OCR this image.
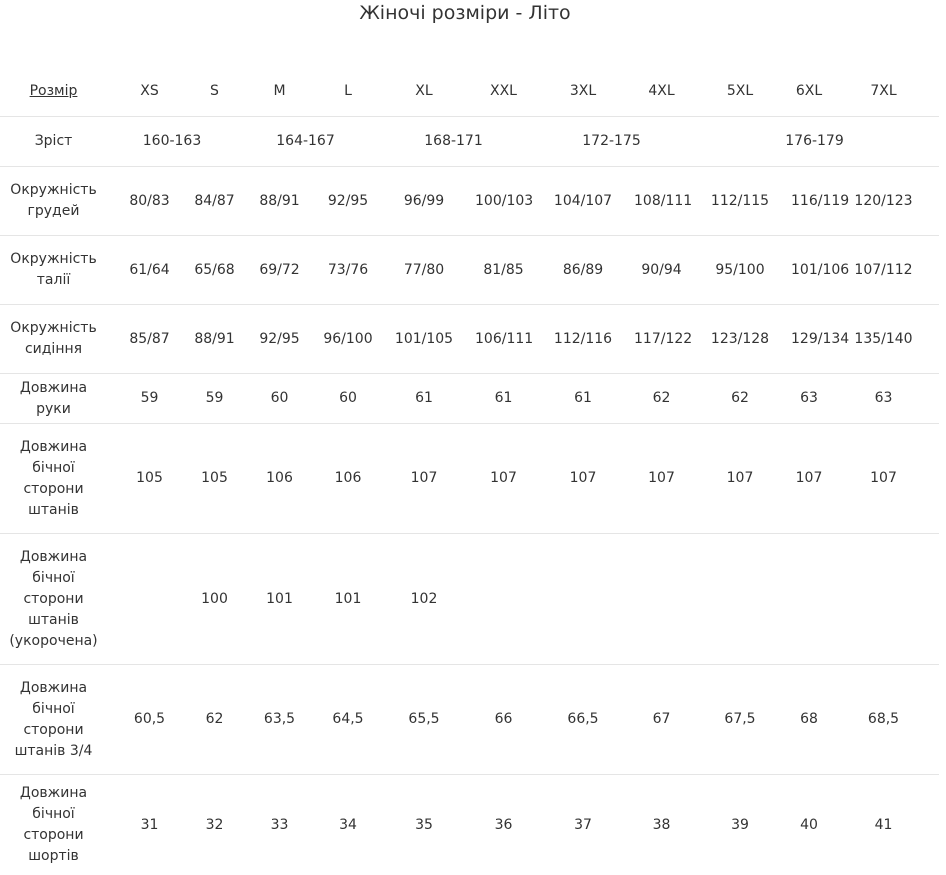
Жіночі розміри - Літо
Розмір	XS	S	M	L	XL	XXL	3XL	4XL	5XL	6XL	7XL	
Зріст	160-163		164-167		168-171		172-175		176-179			
Окружність грудей	80/83	84/87	88/91	92/95	96/99	100/103	104/107	108/111	112/115	116/119	120/123	
Окружність талії	61/64	65/68	69/72	73/76	77/80	81/85	86/89	90/94	95/100	101/106	107/112	
Окружність сидіння	85/87	88/91	92/95	96/100	101/105	106/111	112/116	117/122	123/128	129/134	135/140	
Довжина руки	59	59	60	60	61	61	61	62	62	63	63	
Довжина бічної сторони штанів	105	105	106	106	107	107	107	107	107	107	107	
Довжина бічної сторони штанів (укорочена)		100	101	101	102							
Довжина бічної сторони штанів 3/4	60,5	62	63,5	64,5	65,5	66	66,5	67	67,5	68	68,5	
Довжина бічної сторони шортів	31	32	33	34	35	36	37	38	39	40	41	
